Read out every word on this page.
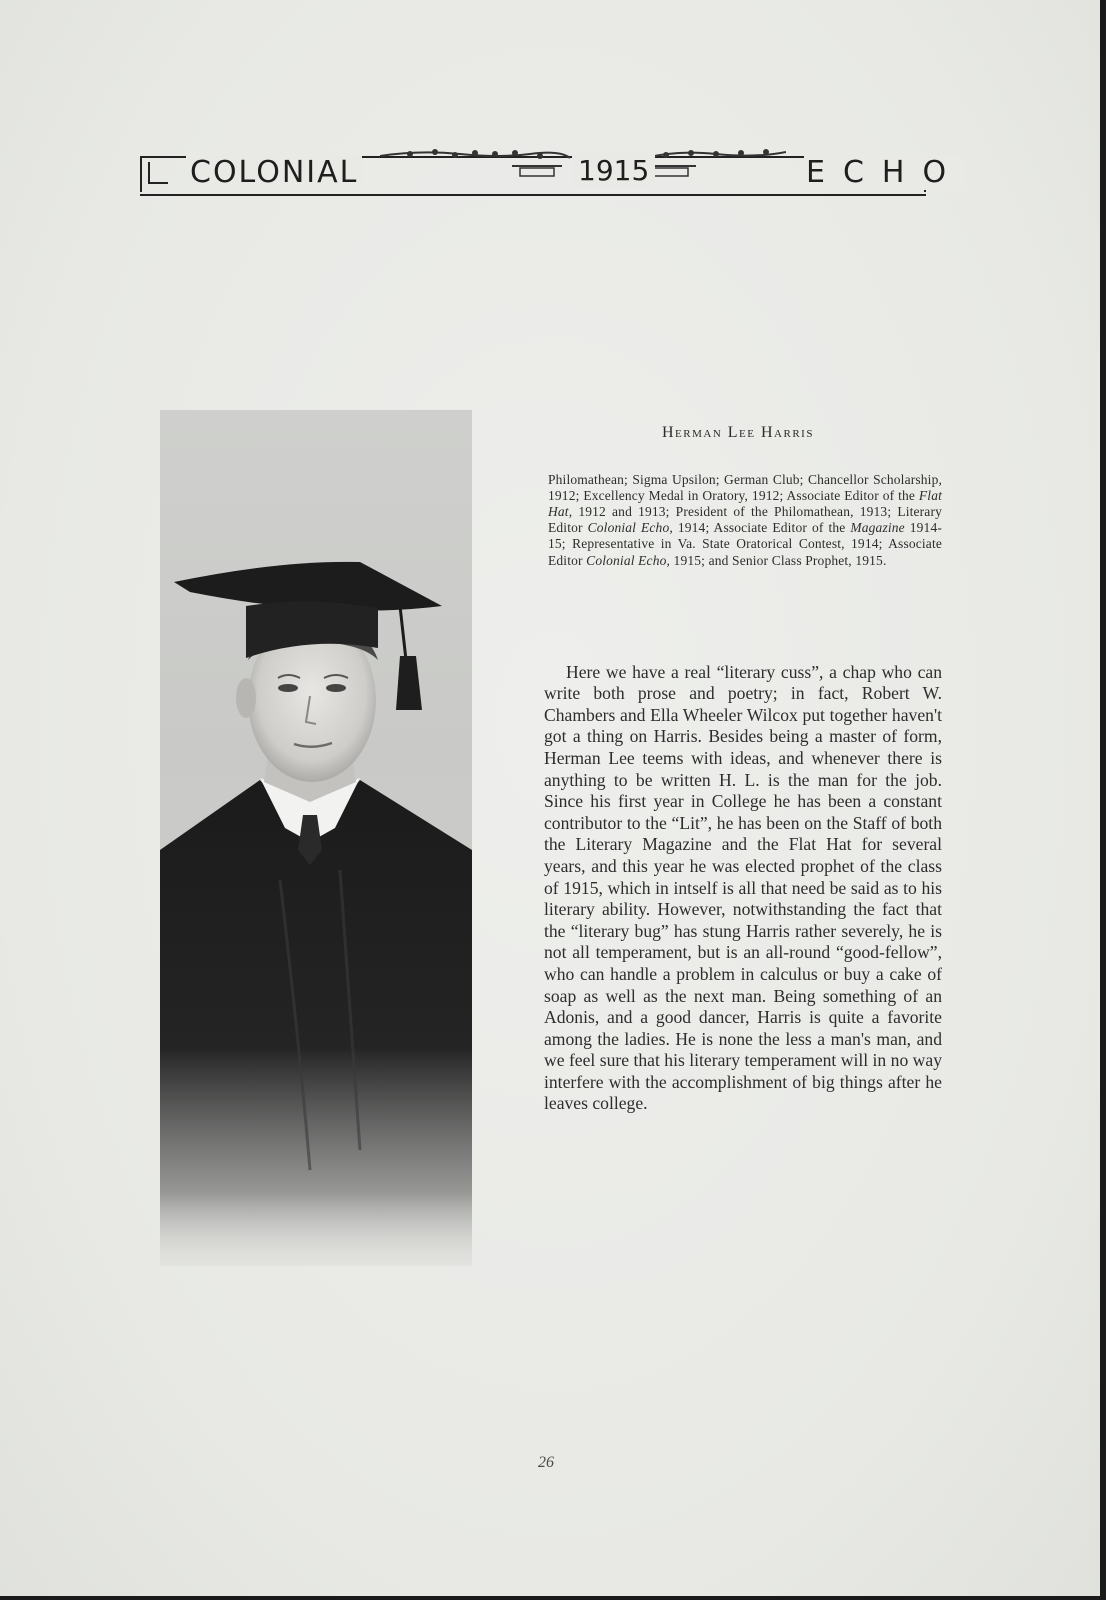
COLONIAL	1915	ECHO
Herman Lee Harris

Philomathean; Sigma Upsilon; German Club; Chancellor Scholarship, 1912; Excellency Medal in Oratory, 1912; Associate Editor of the Flat Hat, 1912 and 1913; President of the Philomathean, 1913; Literary Editor Colonial Echo, 1914; Associate Editor of the Magazine 1914-15; Representative in Va. State Oratorical Contest, 1914; Associate Editor Colonial Echo, 1915; and Senior Class Prophet, 1915.

Here we have a real “literary cuss”, a chap who can write both prose and poetry; in fact, Robert W. Chambers and Ella Wheeler Wilcox put together haven't got a thing on Harris. Besides being a master of form, Herman Lee teems with ideas, and whenever there is anything to be written H. L. is the man for the job. Since his first year in College he has been a constant contributor to the “Lit”, he has been on the Staff of both the Literary Magazine and the Flat Hat for several years, and this year he was elected prophet of the class of 1915, which in intself is all that need be said as to his literary ability. However, notwithstanding the fact that the “literary bug” has stung Harris rather severely, he is not all temperament, but is an all-round “good-fellow”, who can handle a problem in calculus or buy a cake of soap as well as the next man. Being something of an Adonis, and a good dancer, Harris is quite a favorite among the ladies. He is none the less a man's man, and we feel sure that his literary temperament will in no way interfere with the accomplishment of big things after he leaves college.

26
